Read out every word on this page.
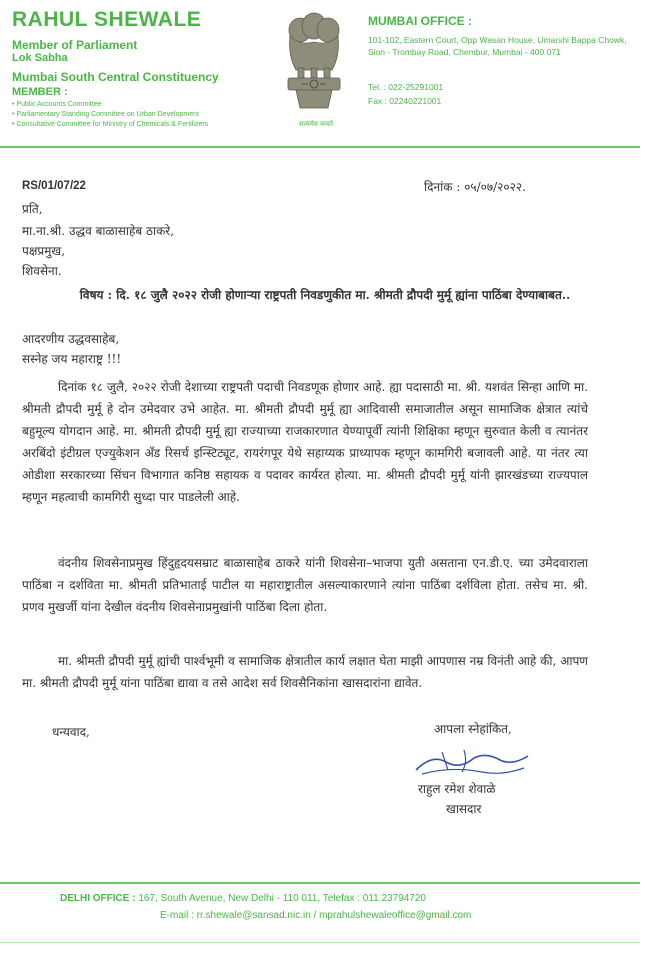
RAHUL SHEWALE
Member of Parliament
Lok Sabha
Mumbai South Central Constituency
MEMBER :
• Public Accounts Committee
• Parliamentary Standing Committee on Urban Development
• Consultative Committee for Ministry of Chemicals & Fertilizers	सत्यमेव जयते
MUMBAI OFFICE :
101-102, Eastern Court, Opp Wasan House, Umarshi Bappa Chowk, Sion - Trombay Road, Chembur, Mumbai - 400 071
Tel. : 022-25291001
Fax : 02240221001
RS/01/07/22	दिनांक : ०५/०७/२०२२.
प्रति,
मा.ना.श्री. उद्धव बाळासाहेब ठाकरे,
पक्षप्रमुख,
शिवसेना.
विषय : दि. १८ जुलै २०२२ रोजी होणाऱ्या राष्ट्रपती निवडणुकीत मा. श्रीमती द्रौपदी मुर्मू ह्यांना पाठिंबा देण्याबाबत..
आदरणीय उद्धवसाहेब,
सस्नेह जय महाराष्ट्र !!!

दिनांक १८ जुलै, २०२२ रोजी देशाच्या राष्ट्रपती पदाची निवडणूक होणार आहे. ह्या पदासाठी मा. श्री. यशवंत सिन्हा आणि मा. श्रीमती द्रौपदी मुर्मू हे दोन उमेदवार उभे आहेत. मा. श्रीमती द्रौपदी मुर्मू ह्या आदिवासी समाजातील असून सामाजिक क्षेत्रात त्यांचे बहुमूल्य योगदान आहे. मा. श्रीमती द्रौपदी मुर्मू ह्या राज्याच्या राजकारणात येण्यापूर्वी त्यांनी शिक्षिका म्हणून सुरुवात केली व त्यानंतर अरबिंदो इंटीग्रल एज्युकेशन अँड रिसर्च इन्स्टिट्यूट, रायरंगपूर येथे सहाय्यक प्राध्यापक म्हणून कामगिरी बजावली आहे. या नंतर त्या ओडीशा सरकारच्या सिंचन विभागात कनिष्ठ सहायक व पदावर कार्यरत होत्या. मा. श्रीमती द्रौपदी मुर्मू यांनी झारखंडच्या राज्यपाल म्हणून महत्वाची कामगिरी सुध्दा पार पाडलेली आहे.

वंदनीय शिवसेनाप्रमुख हिंदुहृदयसम्राट बाळासाहेब ठाकरे यांनी शिवसेना–भाजपा युती असताना एन.डी.ए. च्या उमेदवाराला पाठिंबा न दर्शविता मा. श्रीमती प्रतिभाताई पाटील या महाराष्ट्रातील असल्याकारणाने त्यांना पाठिंबा दर्शविला होता. तसेच मा. श्री. प्रणव मुखर्जी यांना देखील वंदनीय शिवसेनाप्रमुखांनी पाठिंबा दिला होता.

मा. श्रीमती द्रौपदी मुर्मू ह्यांची पार्श्वभूमी व सामाजिक क्षेत्रातील कार्य लक्षात घेता माझी आपणास नम्र विनंती आहे की, आपण मा. श्रीमती द्रौपदी मुर्मू यांना पाठिंबा द्यावा व तसे आदेश सर्व शिवसैनिकांना खासदारांना द्यावेत.

धन्यवाद,	आपला स्नेहांकित,
राहुल रमेश शेवाळे
खासदार
DELHI OFFICE : 167, South Avenue, New Delhi - 110 011, Telefax : 011 23794720
E-mail : rr.shewale@sansad.nic.in / mprahulshewaleoffice@gmail.com
